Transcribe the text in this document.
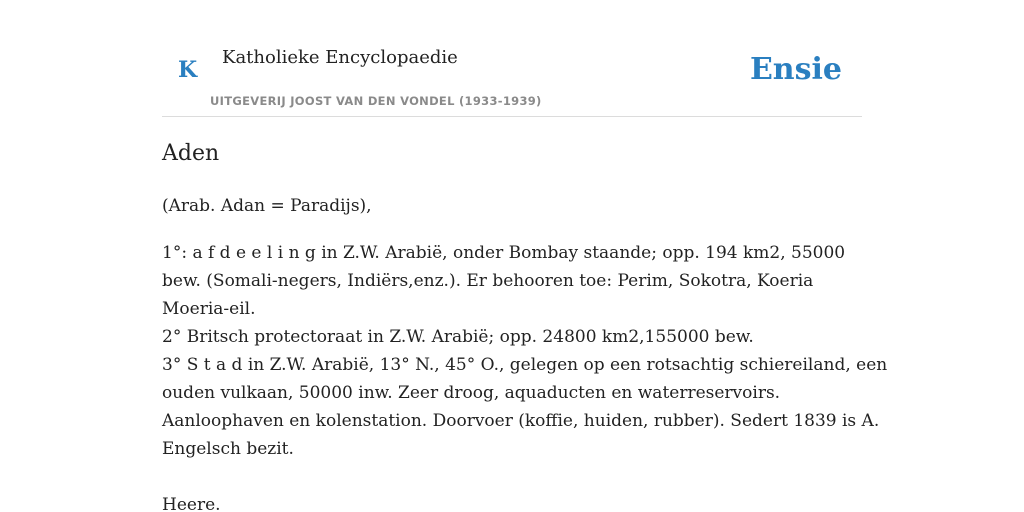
K Katholieke Encyclopaedie
UITGEVERIJ JOOST VAN DEN VONDEL (1933-1939)
Ensie
Aden

(Arab. Adan = Paradijs),

1°: a f d e e l i n g in Z.W. Arabië, onder Bombay staande; opp. 194 km2, 55000
bew. (Somali-negers, Indiërs,enz.). Er behooren toe: Perim, Sokotra, Koeria
Moeria-eil.
2° Britsch protectoraat in Z.W. Arabië; opp. 24800 km2,155000 bew.
3° S t a d in Z.W. Arabië, 13° N., 45° O., gelegen op een rotsachtig schiereiland, een
ouden vulkaan, 50000 inw. Zeer droog, aquaducten en waterreservoirs.
Aanloophaven en kolenstation. Doorvoer (koffie, huiden, rubber). Sedert 1839 is A.
Engelsch bezit.

Heere.
